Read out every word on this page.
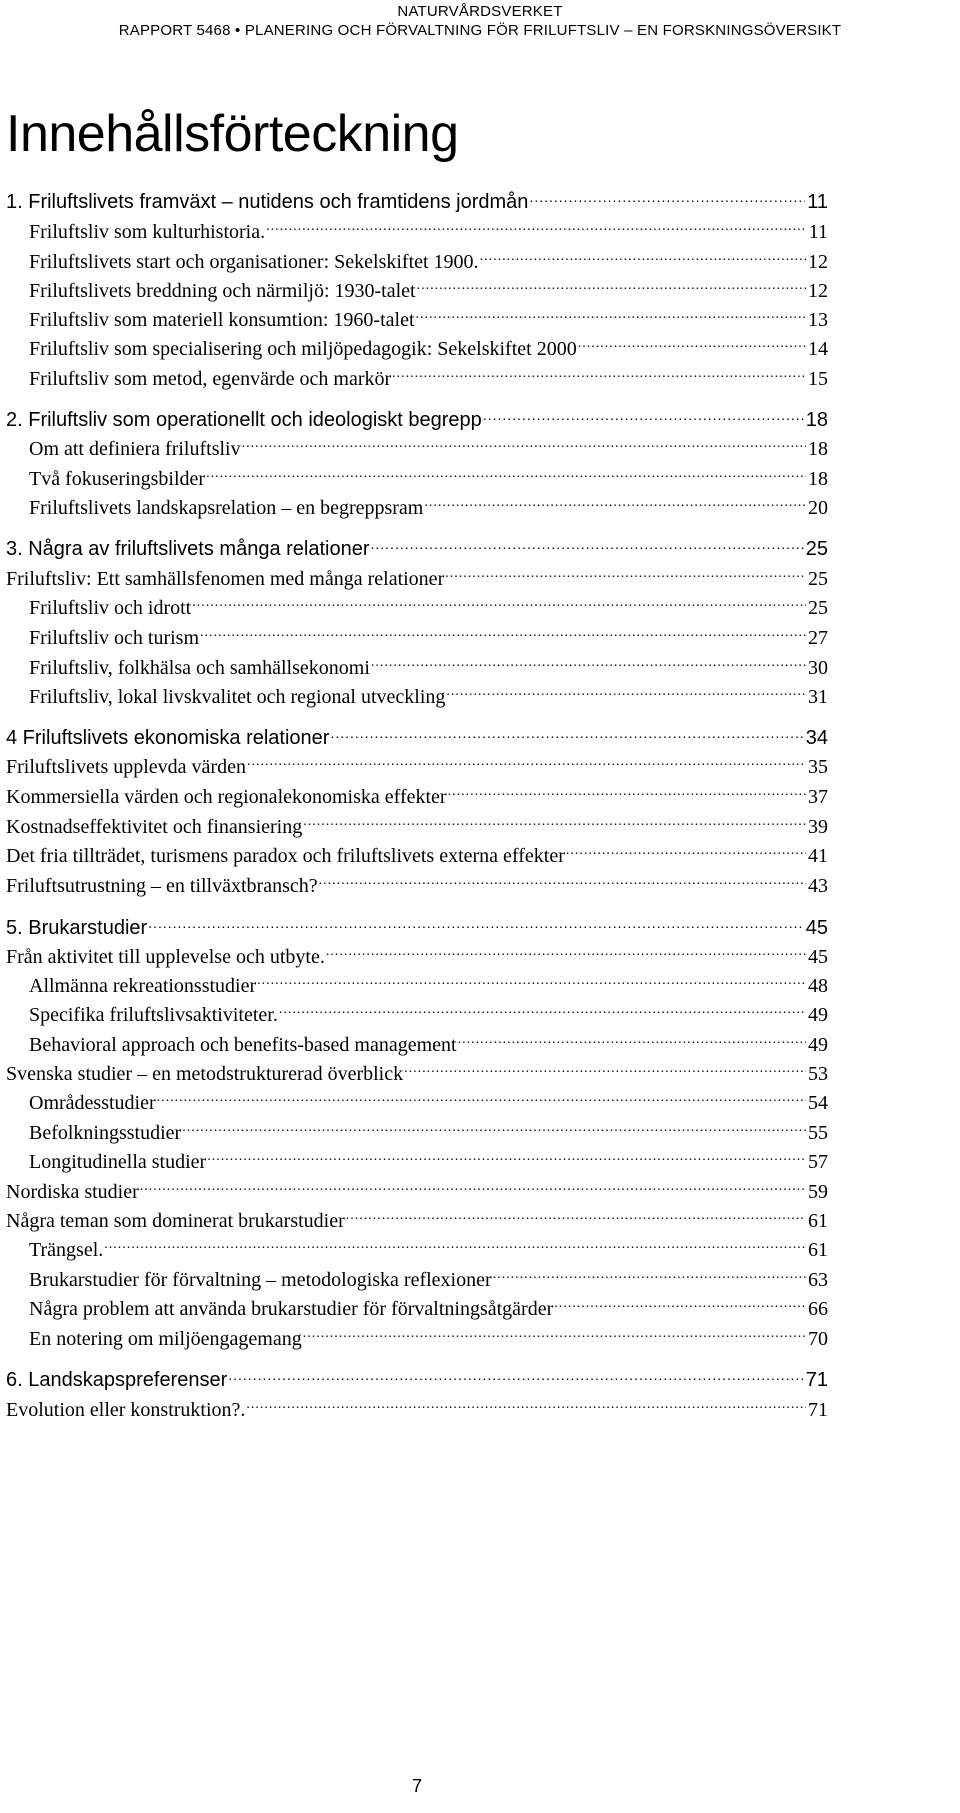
NATURVÅRDSVERKET
RAPPORT 5468 • PLANERING OCH FÖRVALTNING FÖR FRILUFTSLIV – EN FORSKNINGSÖVERSIKT
Innehållsförteckning
1. Friluftslivets framväxt – nutidens och framtidens jordmån .....	11
Friluftsliv som kulturhistoria. .....	11
Friluftslivets start och organisationer: Sekelskiftet 1900. .....	12
Friluftslivets breddning och närmiljö: 1930-talet .....	12
Friluftsliv som materiell konsumtion: 1960-talet .....	13
Friluftsliv som specialisering och miljöpedagogik: Sekelskiftet 2000 .....	14
Friluftsliv som metod, egenvärde och markör .....	15
2. Friluftsliv som operationellt och ideologiskt begrepp .....	18
Om att definiera friluftsliv .....	18
Två fokuseringsbilder .....	18
Friluftslivets landskapsrelation – en begreppsram .....	20
3. Några av friluftslivets många relationer .....	25
Friluftsliv: Ett samhällsfenomen med många relationer .....	25
Friluftsliv och idrott .....	25
Friluftsliv och turism .....	27
Friluftsliv, folkhälsa och samhällsekonomi .....	30
Friluftsliv, lokal livskvalitet och regional utveckling .....	31
4 Friluftslivets ekonomiska relationer .....	34
Friluftslivets upplevda värden .....	35
Kommersiella värden och regionalekonomiska effekter .....	37
Kostnadseffektivitet och finansiering .....	39
Det fria tillträdet, turismens paradox och friluftslivets externa effekter .....	41
Friluftsutrustning – en tillväxtbransch? .....	43
5. Brukarstudier .....	45
Från aktivitet till upplevelse och utbyte. .....	45
Allmänna rekreationsstudier .....	48
Specifika friluftslivsaktiviteter. .....	49
Behavioral approach och benefits-based management .....	49
Svenska studier – en metodstrukturerad överblick .....	53
Områdesstudier .....	54
Befolkningsstudier .....	55
Longitudinella studier .....	57
Nordiska studier .....	59
Några teman som dominerat brukarstudier .....	61
Trängsel. .....	61
Brukarstudier för förvaltning – metodologiska reflexioner .....	63
Några problem att använda brukarstudier för förvaltningsåtgärder .....	66
En notering om miljöengagemang .....	70
6. Landskapspreferenser .....	71
Evolution eller konstruktion?. .....	71
7
